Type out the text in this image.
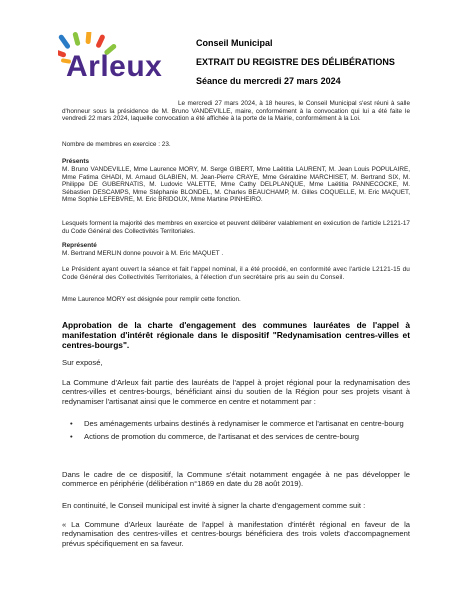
Arleux
Conseil Municipal
EXTRAIT DU REGISTRE DES DÉLIBÉRATIONS
Séance du mercredi 27 mars 2024
Le mercredi 27 mars 2024, à 18 heures, le Conseil Municipal s'est réuni à salle d'honneur sous la présidence de M. Bruno VANDEVILLE, maire, conformément à la convocation qui lui a été faite le vendredi 22 mars 2024, laquelle convocation a été affichée à la porte de la Mairie, conformément à la Loi.
Nombre de membres en exercice : 23.
Présents
M. Bruno VANDEVILLE, Mme Laurence MORY, M. Serge GIBERT, Mme Laëtitia LAURENT, M. Jean Louis POPULAIRE, Mme Fatima GHADI, M. Arnaud GLABIEN, M. Jean-Pierre CRAYE, Mme Géraldine MARCHISET, M. Bertrand SIX, M. Philippe DE GUBERNATIS, M. Ludovic VALETTE, Mme Cathy DELPLANQUE, Mme Laëtitia PANNECOCKE, M. Sébastien DESCAMPS, Mme Stéphanie BLONDEL, M. Charles BEAUCHAMP, M. Gilles COQUELLE, M. Eric MAQUET, Mme Sophie LEFEBVRE, M. Eric BRIDOUX, Mme Martine PINHEIRO.
Lesquels forment la majorité des membres en exercice et peuvent délibérer valablement en exécution de l'article L2121-17 du Code Général des Collectivités Territoriales.
Représenté
M. Bertrand MERLIN donne pouvoir à M. Eric MAQUET .
Le Président ayant ouvert la séance et fait l'appel nominal, il a été procédé, en conformité avec l'article L2121-15 du Code Général des Collectivités Territoriales, à l'élection d'un secrétaire pris au sein du Conseil.
Mme Laurence MORY est désignée pour remplir cette fonction.
Approbation de la charte d'engagement des communes lauréates de l'appel à manifestation d'intérêt régionale dans le dispositif "Redynamisation centres-villes et centres-bourgs".
Sur exposé,
La Commune d'Arleux fait partie des lauréats de l'appel à projet régional pour la redynamisation des centres-villes et centres-bourgs, bénéficiant ainsi du soutien de la Région pour ses projets visant à redynamiser l'artisanat ainsi que le commerce en centre et notamment par :
• Des aménagements urbains destinés à redynamiser le commerce et l'artisanat en centre-bourg
• Actions de promotion du commerce, de l'artisanat et des services de centre-bourg
Dans le cadre de ce dispositif, la Commune s'était notamment engagée à ne pas développer le commerce en périphérie (délibération n°1869 en date du 28 août 2019).
En continuité, le Conseil municipal est invité à signer la charte d'engagement comme suit :
« La Commune d'Arleux lauréate de l'appel à manifestation d'intérêt régional en faveur de la redynamisation des centres-villes et centres-bourgs bénéficiera des trois volets d'accompagnement prévus spécifiquement en sa faveur.
